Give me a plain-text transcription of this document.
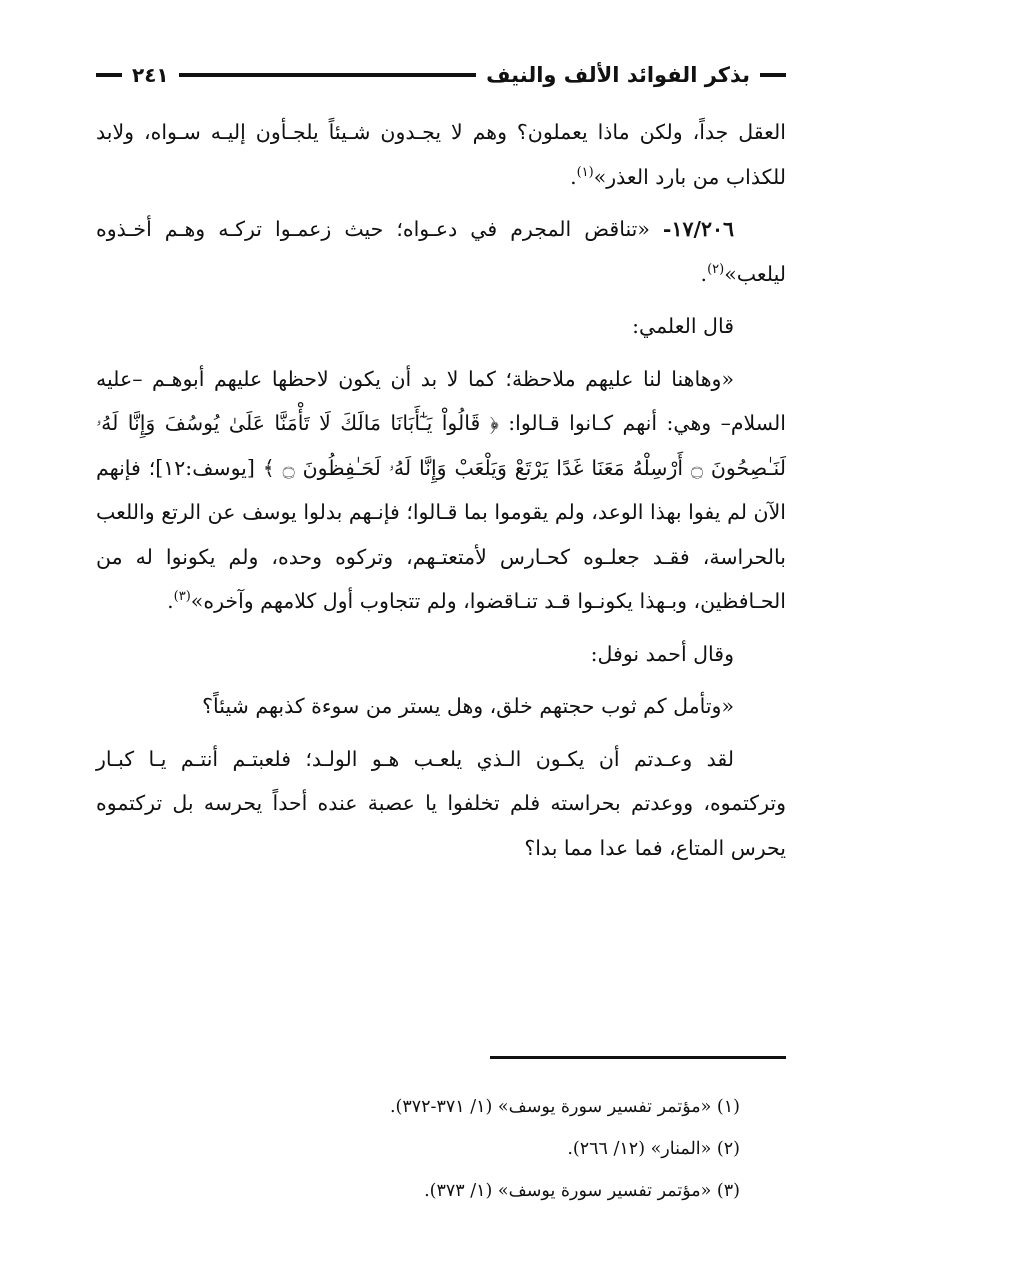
بذكر الفوائد الألف والنيف
٢٤١

العقل جداً، ولكن ماذا يعملون؟ وهم لا يجـدون شـيئاً يلجـأون إليـه سـواه، ولابد للكذاب من بارد العذر»$^{(١)}$.

١٧/٢٠٦- «تناقض المجرم في دعـواه؛ حيث زعمـوا تركـه وهـم أخـذوه ليلعب»$^{(٢)}$.

قال العلمي:

«وهاهنا لنا عليهم ملاحظة؛ كما لا بد أن يكون لاحظها عليهم أبوهـم –عليه السلام– وهي: أنهم كـانوا قـالوا: ﴿ قَالُواْ يَـٰٓأَبَانَا مَالَكَ لَا تَأْمَنَّا عَلَىٰ يُوسُفَ وَإِنَّا لَهُۥ لَنَـٰصِحُونَ ۝ أَرْسِلْهُ مَعَنَا غَدًا يَرْتَعْ وَيَلْعَبْ وَإِنَّا لَهُۥ لَحَـٰفِظُونَ ۝ ﴾ [يوسف:١٢]؛ فإنهم الآن لم يفوا بهذا الوعد، ولم يقوموا بما قـالوا؛ فإنـهم بدلوا يوسف عن الرتع واللعب بالحراسة، فقـد جعلـوه كحـارس لأمتعتـهم، وتركوه وحده، ولم يكونوا له من الحـافظين، وبـهذا يكونـوا قـد تنـاقضوا، ولم تتجاوب أول كلامهم وآخره»$^{(٣)}$.

وقال أحمد نوفل:

«وتأمل كم ثوب حجتهم خلق، وهل يستر من سوءة كذبهم شيئاً؟

لقد وعـدتم أن يكـون الـذي يلعـب هـو الولـد؛ فلعبتـم أنتـم يـا كبـار وتركتموه، ووعدتم بحراسته فلم تخلفوا يا عصبة عنده أحداً يحرسه بل تركتموه يحرس المتاع، فما عدا مما بدا؟

(١) «مؤتمر تفسير سورة يوسف» (١/ ٣٧١-٣٧٢).
(٢) «المنار» (١٢/ ٢٦٦).
(٣) «مؤتمر تفسير سورة يوسف» (١/ ٣٧٣).
